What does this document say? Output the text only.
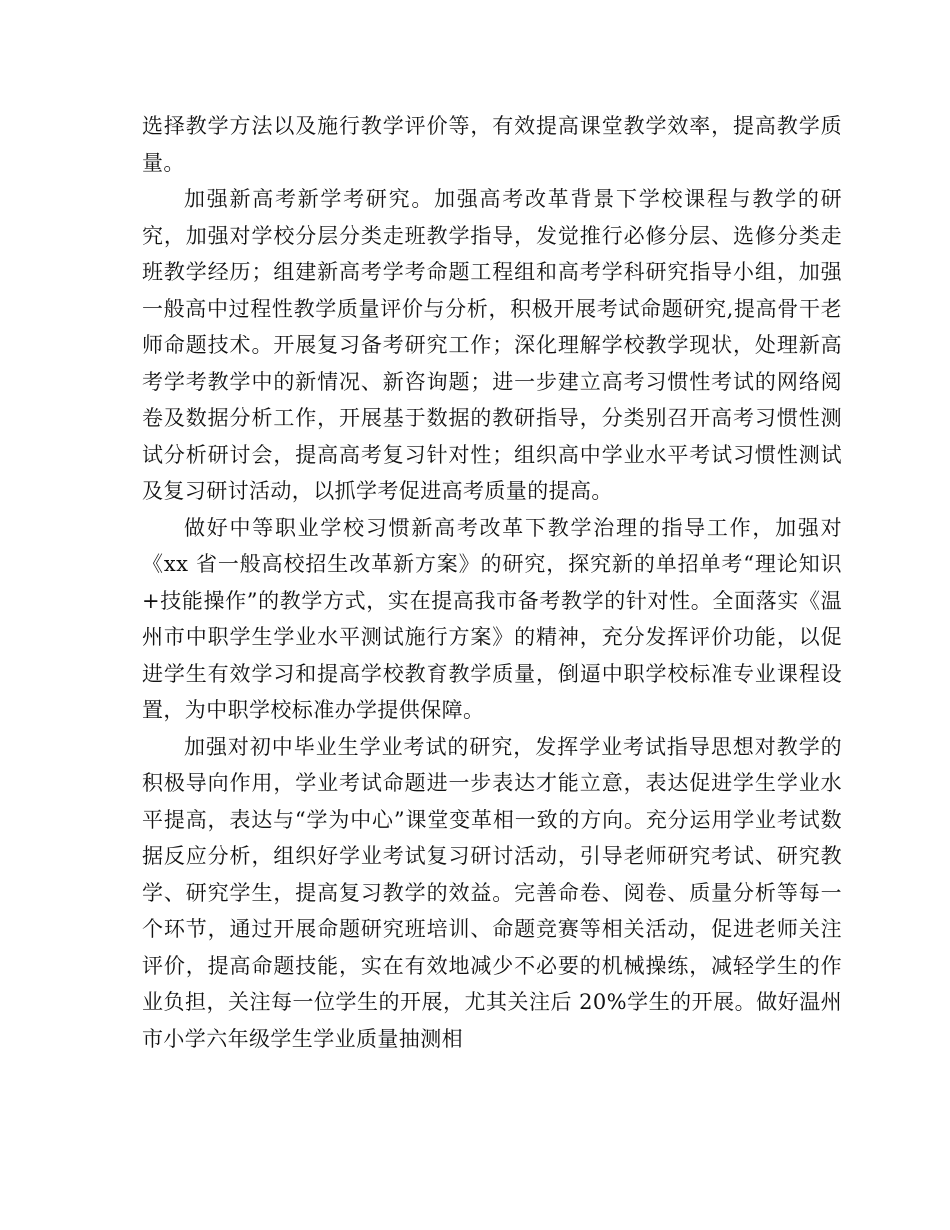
选择教学方法以及施行教学评价等，有效提高课堂教学效率，提高教学质量。

加强新高考新学考研究。加强高考改革背景下学校课程与教学的研究，加强对学校分层分类走班教学指导，发觉推行必修分层、选修分类走班教学经历；组建新高考学考命题工程组和高考学科研究指导小组，加强一般高中过程性教学质量评价与分析，积极开展考试命题研究,提高骨干老师命题技术。开展复习备考研究工作；深化理解学校教学现状，处理新高考学考教学中的新情况、新咨询题；进一步建立高考习惯性考试的网络阅卷及数据分析工作，开展基于数据的教研指导，分类别召开高考习惯性测试分析研讨会，提高高考复习针对性；组织高中学业水平考试习惯性测试及复习研讨活动，以抓学考促进高考质量的提高。

做好中等职业学校习惯新高考改革下教学治理的指导工作，加强对《xx 省一般高校招生改革新方案》的研究，探究新的单招单考“理论知识+技能操作”的教学方式，实在提高我市备考教学的针对性。全面落实《温州市中职学生学业水平测试施行方案》的精神，充分发挥评价功能，以促进学生有效学习和提高学校教育教学质量，倒逼中职学校标准专业课程设置，为中职学校标准办学提供保障。

加强对初中毕业生学业考试的研究，发挥学业考试指导思想对教学的积极导向作用，学业考试命题进一步表达才能立意，表达促进学生学业水平提高，表达与“学为中心”课堂变革相一致的方向。充分运用学业考试数据反应分析，组织好学业考试复习研讨活动，引导老师研究考试、研究教学、研究学生，提高复习教学的效益。完善命卷、阅卷、质量分析等每一个环节，通过开展命题研究班培训、命题竞赛等相关活动，促进老师关注评价，提高命题技能，实在有效地减少不必要的机械操练，减轻学生的作业负担，关注每一位学生的开展，尤其关注后 20%学生的开展。做好温州市小学六年级学生学业质量抽测相
